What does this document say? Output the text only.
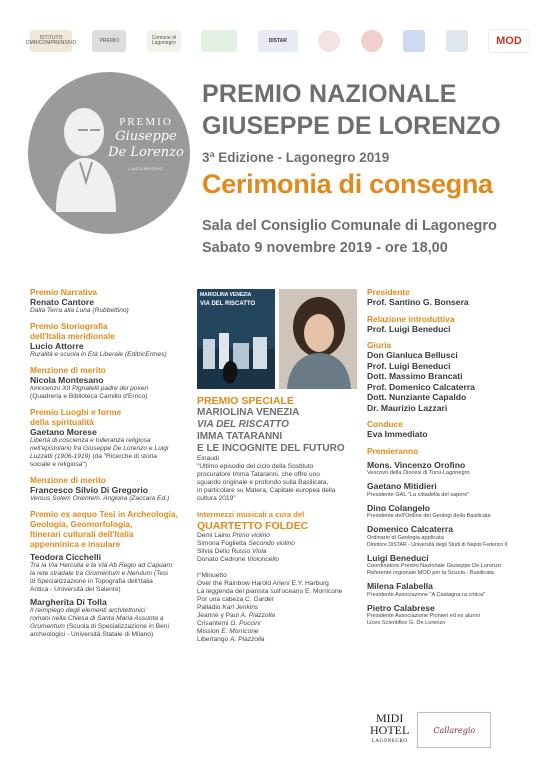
ISTITUTO OMNICOMPRENSIVO	PREMIO	Comune di Lagonegro	DISTAR	MOD
PREMIO
Giuseppe
De Lorenzo
LAGONEGRO
PREMIO NAZIONALE
GIUSEPPE DE LORENZO
3ª Edizione - Lagonegro 2019
Cerimonia di consegna
Sala del Consiglio Comunale di Lagonegro
Sabato 9 novembre 2019 - ore 18,00
Premio Narrativa
Renato Cantore
Dalla Terra alla Luna (Rubbettino)
Premio Storiografia
dell'Italia meridionale
Lucio Attorre
Ruralità e scuola in Età Liberale (EditricErmes)
Menzione di merito
Nicola Montesano
Innocenzo XII Pignatelli padre dei poveri
(Quadreria e Biblioteca Camillo d'Errico)
Premio Luoghi e forme
della spiritualità
Gaetano Morese
Libertà di coscienza e tolleranza religiosa
nell'epistolario fra Giuseppe De Lorenzo e Luigi
Luzzatti (1906-1919) (da "Ricerche di storia
sociale e religiosa")
Menzione di merito
Francesco Silvio Di Gregorio
Versus Solem Orientem. Anglona (Zaccara Ed.)
Premio ex aequo Tesi in Archeologia,
Geologia, Geomorfologia,
Itinerari culturali dell'Italia
appenninica e insulare
Teodora Cicchelli
Tra la Via Herculia e la Via Ab Regio ad Capuam:
la rete stradale tra Grumentum e Nerulum (Tesi
di Specializzazione in Topografia dell'Italia
Antica - Università del Salento)
Margherita Di Tolla
Il reimpiego degli elementi architettonici
romani nella Chiesa di Santa Maria Assunta a
Grumentum (Scuola di Specializzazione in Beni
archeologici - Università Statale di Milano)
MARIOLINA VENEZIA
VIA DEL RISCATTO
PREMIO SPECIALE
MARIOLINA VENEZIA
VIA DEL RISCATTO
IMMA TATARANNI
E LE INCOGNITE DEL FUTURO
Einaudi
"Ultimo episodio del ciclo della Sostituto
procuratore Imma Tataranni, che offre uno
sguardo originale e profondo sulla Basilicata,
in particolare su Matera, Capitale europea della
cultura 2019"
Intermezzi musicali a cura del
QUARTETTO FOLDEC
Demi Laino Primo violino
Simona Foglietta Secondo violino
Silvia Dello Russo Viola
Donato Cedrone Violoncello
I°Minuetto
Over the Rainbow Harold Arlen/ E.Y. Harburg
La leggenda del pianista sull'oceano E. Morricone
Por una cabeza C. Gardel
Palladio Karl Jenkins
Jeanne y Paul A. Piazzolla
Crisantemi G. Puccini
Mission E. Morricone
Libertango A. Piazzolla
Presidente
Prof. Santino G. Bonsera
Relazione introduttiva
Prof. Luigi Beneduci
Giuria
Don Gianluca Bellusci
Prof. Luigi Beneduci
Dott. Massimo Brancati
Prof. Domenico Calcaterra
Dott. Nunziante Capaldo
Dr. Maurizio Lazzari
Conduce
Eva Immediato
Premieranno
Mons. Vincenzo Orofino
Vescovo della Diocesi di Tursi-Lagonegro
Gaetano Mitidieri
Presidente GAL "La cittadella del sapere"
Dino Colangelo
Presidente dell'Ordine dei Geologi della Basilicata
Domenico Calcaterra
Ordinario di Geologia applicata
Direttore DiSTAR - Università degli Studi di Napoli Federico II
Luigi Beneduci
Coordinatore Premio Nazionale Giuseppe De Lorenzo
Referente regionale MOD per la Scuola - Basilicata
Milena Falabella
Presidente Associazione "A Castagna ra critica"
Pietro Calabrese
Presidente Associazione Pionieri ed ex alunni
Liceo Scientifico G. De Lorenzo
MIDI
HOTEL
LAGONEGRO
Callaregio
